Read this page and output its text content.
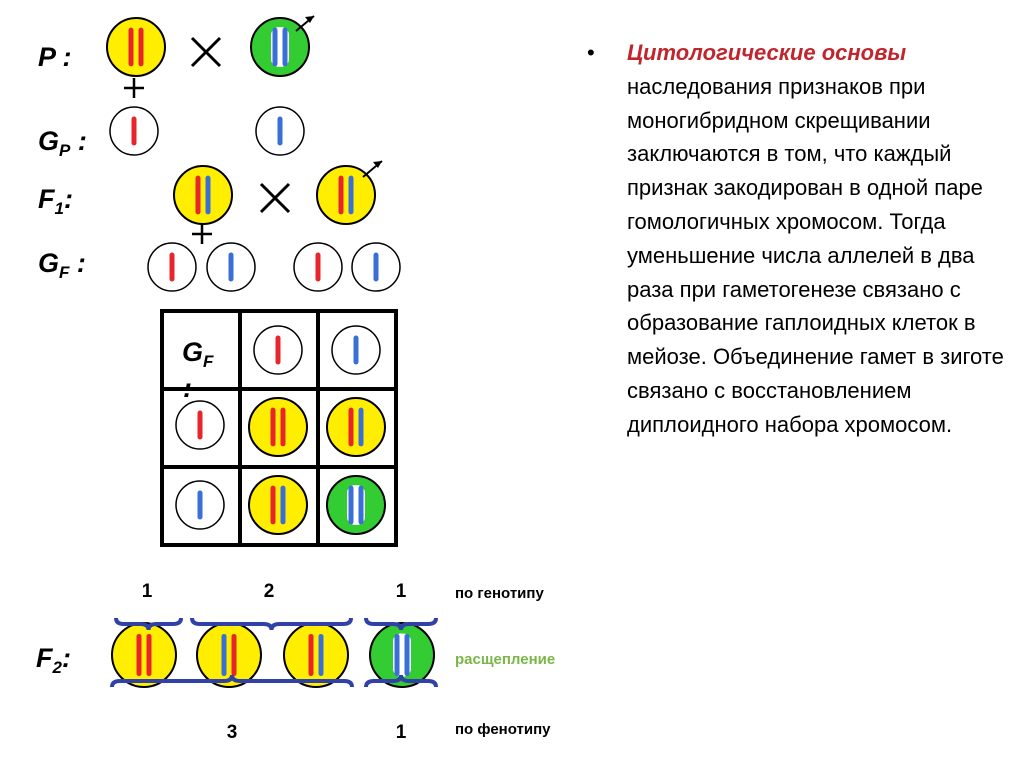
P :
$G_P$ :
$F_1$:
$G_F$ :
$F_2$:
$G_F$
:
1	2	1
3	1
по генотипу
расщепление
по фенотипу
• Цитологические основы наследования признаков при моногибридном скрещивании заключаются в том, что каждый признак закодирован в одной паре гомологичных хромосом. Тогда уменьшение числа аллелей в два раза при гаметогенезе связано с образование гаплоидных клеток в мейозе. Объединение гамет в зиготе связано с восстановлением диплоидного набора хромосом.
